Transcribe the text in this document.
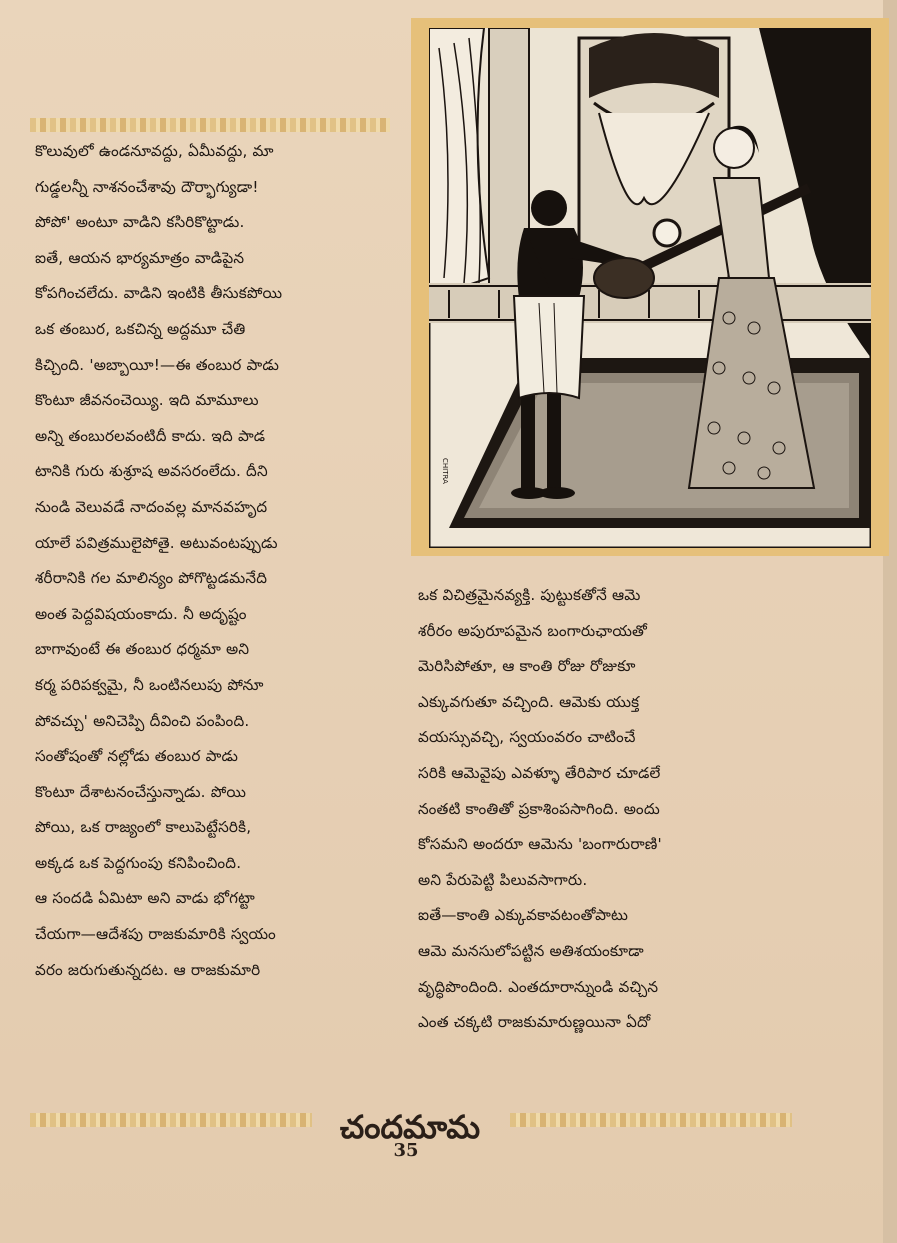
కొలువులో ఉండనూవద్దు, ఏమీవద్దు, మా

గుడ్డలన్నీ నాశనంచేశావు దౌర్భాగ్యుడా!

పోపో' అంటూ వాడిని కసిరికొట్టాడు.

ఐతే, ఆయన భార్యమాత్రం వాడిపైన

కోపగించలేదు. వాడిని ఇంటికి తీసుకపోయి

ఒక తంబుర, ఒకచిన్న అద్దమూ చేతి

కిచ్చింది. 'అబ్బాయీ!—ఈ తంబుర పాడు

కొంటూ జీవనంచెయ్యి. ఇది మామూలు

అన్ని తంబురలవంటిదీ కాదు. ఇది పాడ

టానికి గురు శుశ్రూష అవసరంలేదు. దీని

నుండి వెలువడే నాదంవల్ల మానవహృద

యాలే పవిత్రములైపోతై. అటువంటప్పుడు

శరీరానికి గల మాలిన్యం పోగొట్టడమనేది

అంత పెద్దవిషయంకాదు. నీ అదృష్టం

బాగావుంటే ఈ తంబుర ధర్మమా అని

కర్మ పరిపక్వమై, నీ ఒంటినలుపు పోనూ

పోవచ్చు' అనిచెప్పి దీవించి పంపింది.

సంతోషంతో నల్లోడు తంబుర పాడు

కొంటూ దేశాటనంచేస్తున్నాడు. పోయి

పోయి, ఒక రాజ్యంలో కాలుపెట్టేసరికి,

అక్కడ ఒక పెద్దగుంపు కనిపించింది.

ఆ సందడి ఏమిటా అని వాడు భోగట్టా

చేయగా—ఆదేశపు రాజకుమారికి స్వయం

వరం జరుగుతున్నదట. ఆ రాజకుమారి

CHITRA

ఒక విచిత్రమైనవ్యక్తి. పుట్టుకతోనే ఆమె

శరీరం అపురూపమైన బంగారుఛాయతో

మెరిసిపోతూ, ఆ కాంతి రోజు రోజుకూ

ఎక్కువగుతూ వచ్చింది. ఆమెకు యుక్త

వయస్సువచ్చి, స్వయంవరం చాటించే

సరికి ఆమెవైపు ఎవళ్ళూ తేరిపార చూడలే

నంతటి కాంతితో ప్రకాశింపసాగింది. అందు

కోసమని అందరూ ఆమెను 'బంగారురాణి'

అని పేరుపెట్టి పిలువసాగారు.

ఐతే—కాంతి ఎక్కువకావటంతోపాటు

ఆమె మనసులోపట్టిన అతిశయంకూడా

వృద్ధిపొందింది. ఎంతదూరాన్నుండి వచ్చిన

ఎంత చక్కటి రాజకుమారుణ్ణయినా ఏదో

చందమామ
35
